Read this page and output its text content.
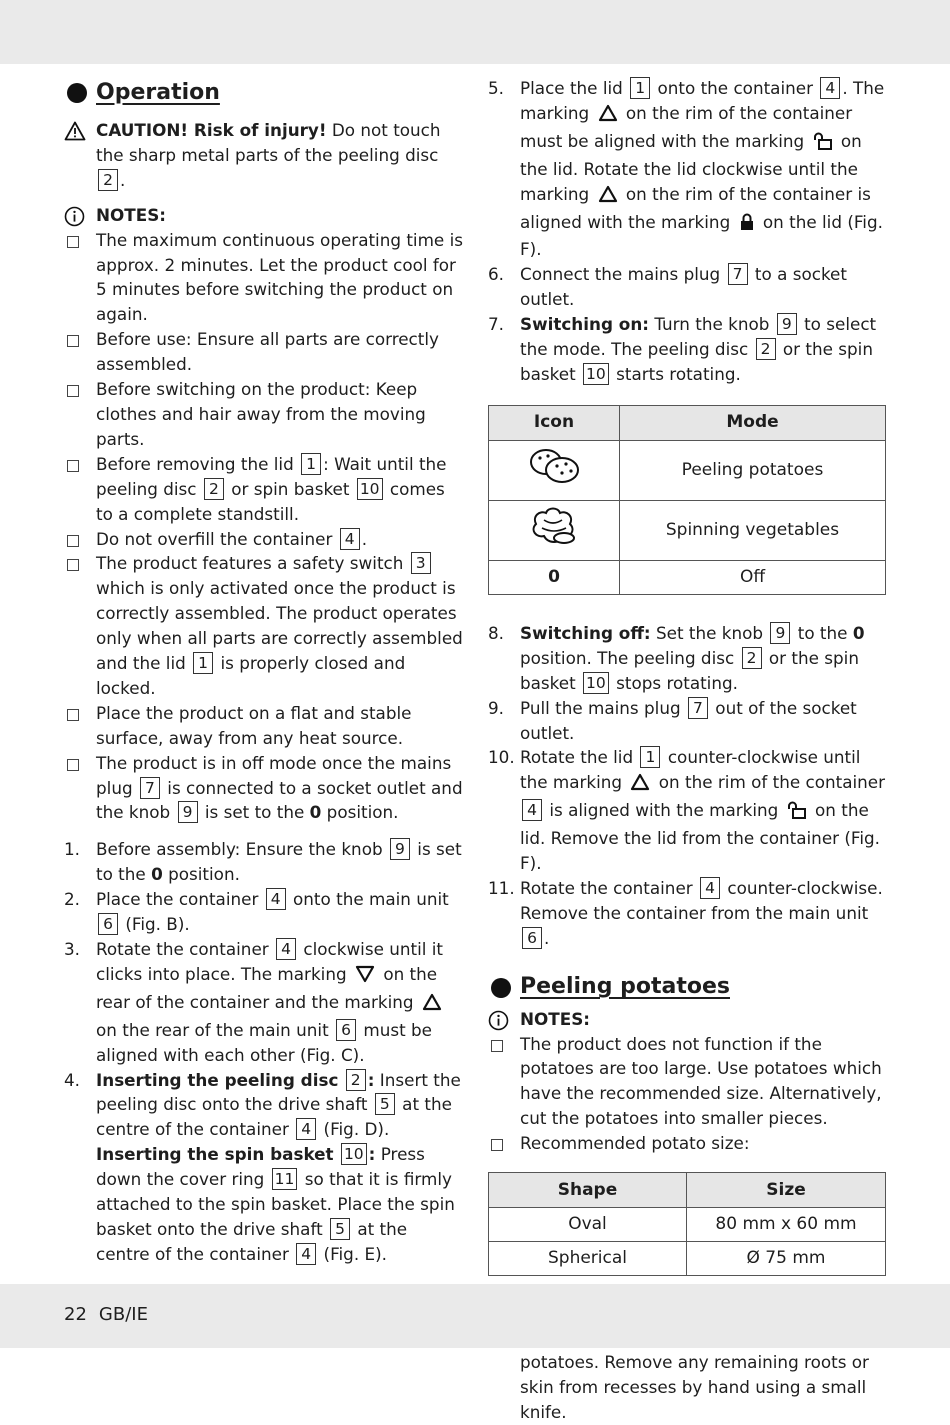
Operation
CAUTION! Risk of injury! Do not touch the sharp metal parts of the peeling disc 2 .
NOTES:
The maximum continuous operating time is approx. 2 minutes. Let the product cool for 5 minutes before switching the product on again.
Before use: Ensure all parts are correctly assembled.
Before switching on the product: Keep clothes and hair away from the moving parts.
Before removing the lid 1 : Wait until the peeling disc 2 or spin basket 10 comes to a complete standstill.
Do not overfill the container 4 .
The product features a safety switch 3 which is only activated once the product is correctly assembled. The product operates only when all parts are correctly assembled and the lid 1 is properly closed and locked.
Place the product on a flat and stable surface, away from any heat source.
The product is in off mode once the mains plug 7 is connected to a socket outlet and the knob 9 is set to the 0 position.
1. Before assembly: Ensure the knob 9 is set to the 0 position.
2. Place the container 4 onto the main unit 6 (Fig. B).
3. Rotate the container 4 clockwise until it clicks into place. The marking on the rear of the container and the marking  on the rear of the main unit 6 must be aligned with each other (Fig. C).
4. Inserting the peeling disc 2 : Insert the peeling disc onto the drive shaft 5 at the centre of the container 4 (Fig. D).
Inserting the spin basket 10 : Press down the cover ring 11 so that it is firmly attached to the spin basket. Place the spin basket onto the drive shaft 5 at the centre of the container 4 (Fig. E).
5. Place the lid 1 onto the container 4 . The marking on the rim of the container must be aligned with the marking on the lid. Rotate the lid clockwise until the marking on the rim of the container is aligned with the marking on the lid (Fig. F).
6. Connect the mains plug 7 to a socket outlet.
7. Switching on: Turn the knob 9 to select the mode. The peeling disc 2 or the spin basket 10 starts rotating.
Icon	Mode
	Peeling potatoes
	Spinning vegetables
0	Off
8. Switching off: Set the knob 9 to the 0 position. The peeling disc 2 or the spin basket 10 stops rotating.
9. Pull the mains plug 7 out of the socket outlet.
10. Rotate the lid 1 counter-clockwise until the marking on the rim of the container 4 is aligned with the marking on the lid. Remove the lid from the container (Fig. F).
11. Rotate the container 4 counter-clockwise. Remove the container from the main unit 6 .
Peeling potatoes
NOTES:
The product does not function if the potatoes are too large. Use potatoes which have the recommended size. Alternatively, cut the potatoes into smaller pieces.
Recommended potato size:
Shape	Size
Oval	80 mm x 60 mm
Spherical	Ø 75 mm
potatoes. Remove any remaining roots or skin from recesses by hand using a small knife.
22 GB/IE
